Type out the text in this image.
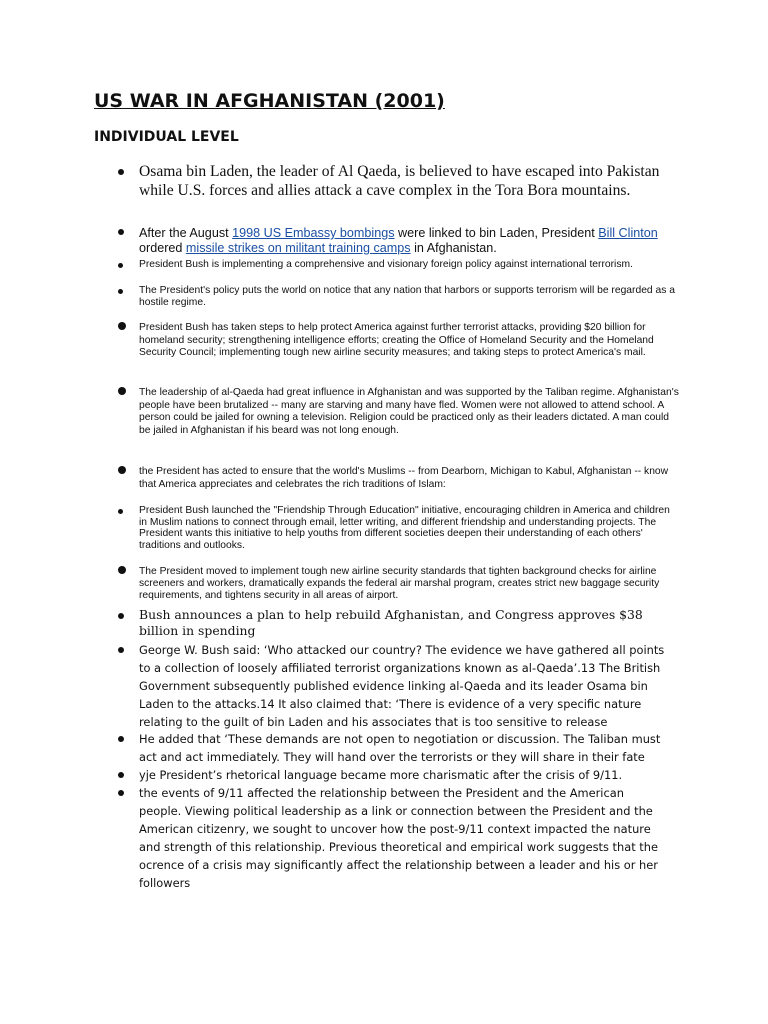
US WAR IN AFGHANISTAN (2001)
INDIVIDUAL LEVEL

Osama bin Laden, the leader of Al Qaeda, is believed to have escaped into Pakistan while U.S. forces and allies attack a cave complex in the Tora Bora mountains.

After the August 1998 US Embassy bombings were linked to bin Laden, President Bill Clinton ordered missile strikes on militant training camps in Afghanistan.

President Bush is implementing a comprehensive and visionary foreign policy against international terrorism.

The President's policy puts the world on notice that any nation that harbors or supports terrorism will be regarded as a hostile regime.

President Bush has taken steps to help protect America against further terrorist attacks, providing $20 billion for homeland security; strengthening intelligence efforts; creating the Office of Homeland Security and the Homeland Security Council; implementing tough new airline security measures; and taking steps to protect America's mail.

The leadership of al-Qaeda had great influence in Afghanistan and was supported by the Taliban regime. Afghanistan's people have been brutalized -- many are starving and many have fled. Women were not allowed to attend school. A person could be jailed for owning a television. Religion could be practiced only as their leaders dictated. A man could be jailed in Afghanistan if his beard was not long enough.

the President has acted to ensure that the world's Muslims -- from Dearborn, Michigan to Kabul, Afghanistan -- know that America appreciates and celebrates the rich traditions of Islam:

President Bush launched the "Friendship Through Education" initiative, encouraging children in America and children in Muslim nations to connect through email, letter writing, and different friendship and understanding projects. The President wants this initiative to help youths from different societies deepen their understanding of each others' traditions and outlooks.

The President moved to implement tough new airline security standards that tighten background checks for airline screeners and workers, dramatically expands the federal air marshal program, creates strict new baggage security requirements, and tightens security in all areas of airport.

Bush announces a plan to help rebuild Afghanistan, and Congress approves $38 billion in spending

George W. Bush said: ‘Who attacked our country? The evidence we have gathered all points to a collection of loosely affiliated terrorist organizations known as al-Qaeda’.13 The British Government subsequently published evidence linking al-Qaeda and its leader Osama bin Laden to the attacks.14 It also claimed that: ‘There is evidence of a very specific nature relating to the guilt of bin Laden and his associates that is too sensitive to release

He added that ‘These demands are not open to negotiation or discussion. The Taliban must act and act immediately. They will hand over the terrorists or they will share in their fate

yje President’s rhetorical language became more charismatic after the crisis of 9/11.

the events of 9/11 affected the relationship between the President and the American people. Viewing political leadership as a link or connection between the President and the American citizenry, we sought to uncover how the post-9/11 context impacted the nature and strength of this relationship. Previous theoretical and empirical work suggests that the ocrence of a crisis may significantly affect the relationship between a leader and his or her followers
